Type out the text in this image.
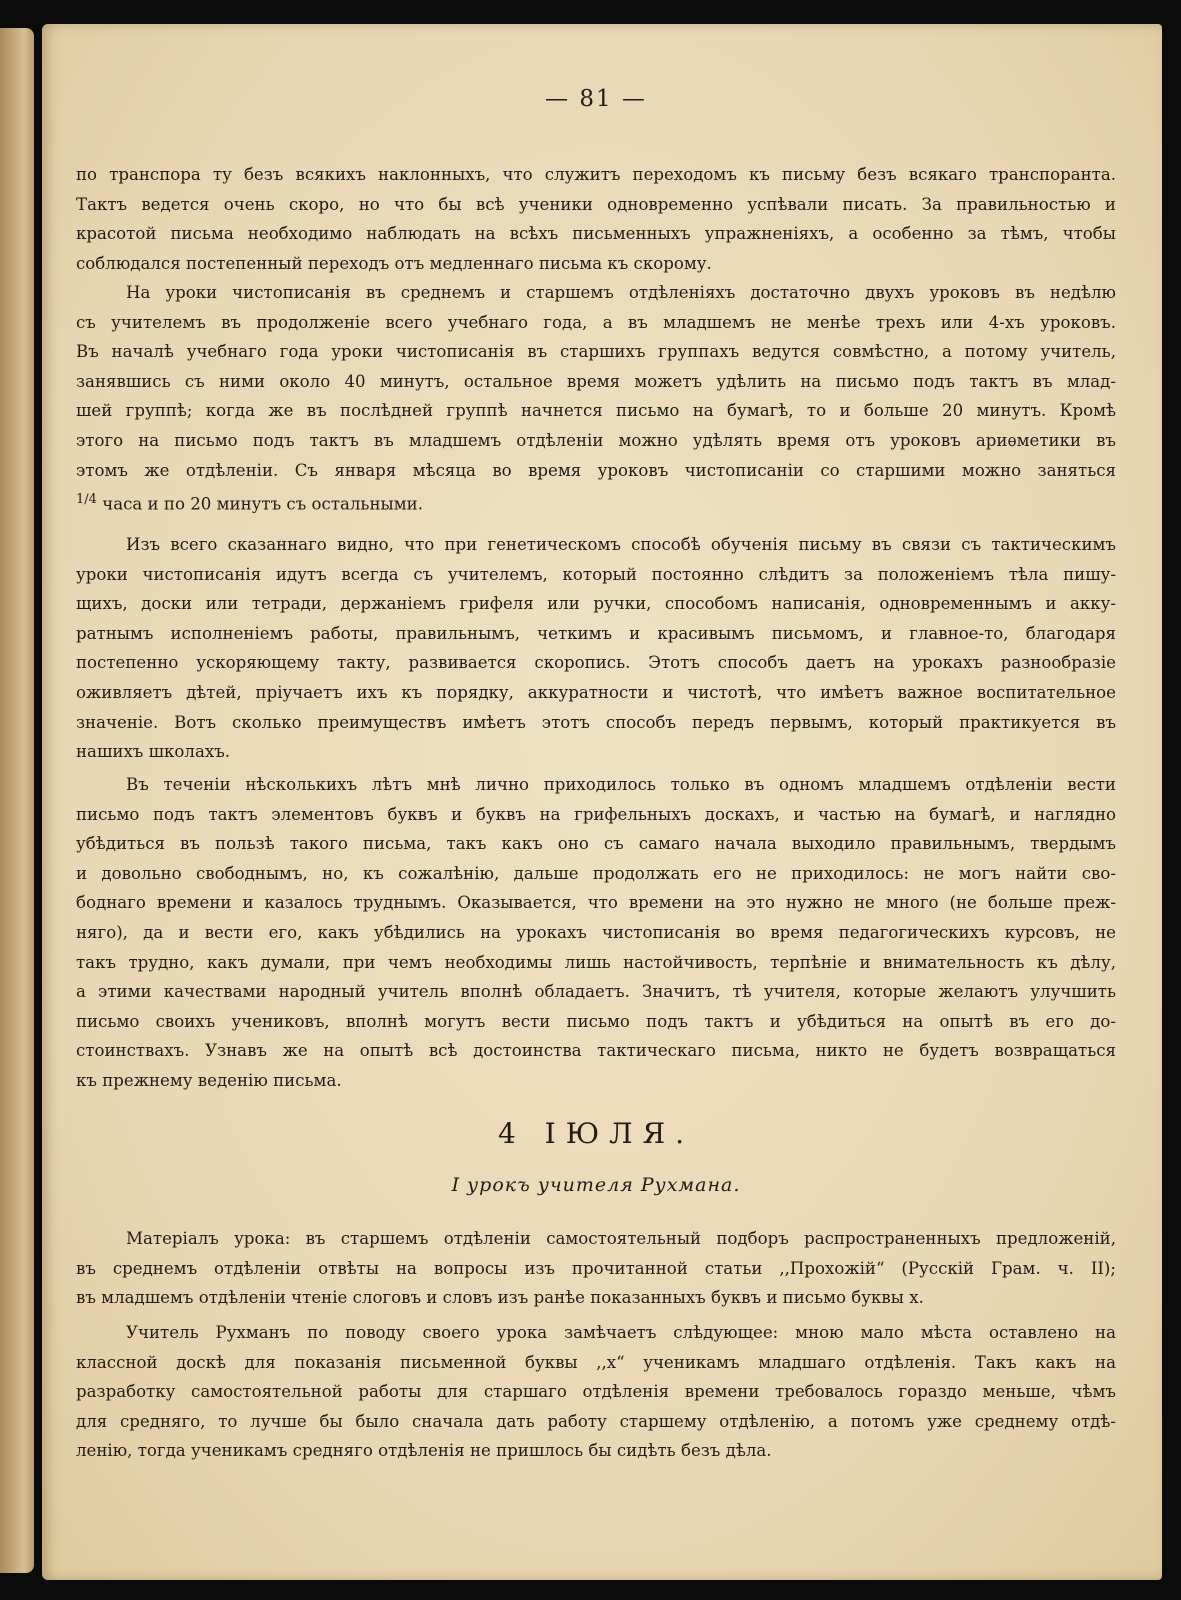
— 81 —
по транспора ту безъ всякихъ наклонныхъ, что служитъ переходомъ къ письму безъ всякаго транспоранта.
Тактъ ведется очень скоро, но что бы всѣ ученики одновременно успѣвали писать. За правильностью и
красотой письма необходимо наблюдать на всѣхъ письменныхъ упражненіяхъ, а особенно за тѣмъ, чтобы
соблюдался постепенный переходъ отъ медленнаго письма къ скорому.
На уроки чистописанія въ среднемъ и старшемъ отдѣленіяхъ достаточно двухъ уроковъ въ недѣлю
съ учителемъ въ продолженіе всего учебнаго года, а въ младшемъ не менѣе трехъ или 4-хъ уроковъ.
Въ началѣ учебнаго года уроки чистописанія въ старшихъ группахъ ведутся совмѣстно, а потому учитель,
занявшись съ ними около 40 минутъ, остальное время можетъ удѣлить на письмо подъ тактъ въ млад-
шей группѣ; когда же въ послѣдней группѣ начнется письмо на бумагѣ, то и больше 20 минутъ. Кромѣ
этого на письмо подъ тактъ въ младшемъ отдѣленіи можно удѣлять время отъ уроковъ ариѳметики въ
этомъ же отдѣленіи. Съ января мѣсяца во время уроковъ чистописаніи со старшими можно заняться
$^{1/4}$ часа и по 20 минутъ съ остальными.
Изъ всего сказаннаго видно, что при генетическомъ способѣ обученія письму въ связи съ тактическимъ
уроки чистописанія идутъ всегда съ учителемъ, который постоянно слѣдитъ за положеніемъ тѣла пишу-
щихъ, доски или тетради, держаніемъ грифеля или ручки, способомъ написанія, одновременнымъ и акку-
ратнымъ исполненіемъ работы, правильнымъ, четкимъ и красивымъ письмомъ, и главное-то, благодаря
постепенно ускоряющему такту, развивается скоропись. Этотъ способъ даетъ на урокахъ разнообразіе
оживляетъ дѣтей, пріучаетъ ихъ къ порядку, аккуратности и чистотѣ, что имѣетъ важное воспитательное
значеніе. Вотъ сколько преимуществъ имѣетъ этотъ способъ передъ первымъ, который практикуется въ
нашихъ школахъ.
Въ теченіи нѣсколькихъ лѣтъ мнѣ лично приходилось только въ одномъ младшемъ отдѣленіи вести
письмо подъ тактъ элементовъ буквъ и буквъ на грифельныхъ доскахъ, и частью на бумагѣ, и наглядно
убѣдиться въ пользѣ такого письма, такъ какъ оно съ самаго начала выходило правильнымъ, твердымъ
и довольно свободнымъ, но, къ сожалѣнію, дальше продолжать его не приходилось: не могъ найти сво-
боднаго времени и казалось труднымъ. Оказывается, что времени на это нужно не много (не больше преж-
няго), да и вести его, какъ убѣдились на урокахъ чистописанія во время педагогическихъ курсовъ, не
такъ трудно, какъ думали, при чемъ необходимы лишь настойчивость, терпѣніе и внимательность къ дѣлу,
а этими качествами народный учитель вполнѣ обладаетъ. Значитъ, тѣ учителя, которые желаютъ улучшить
письмо своихъ учениковъ, вполнѣ могутъ вести письмо подъ тактъ и убѣдиться на опытѣ въ его до-
стоинствахъ. Узнавъ же на опытѣ всѣ достоинства тактическаго письма, никто не будетъ возвращаться
къ прежнему веденію письма.
4 ІЮЛЯ.
I урокъ учителя Рухмана.
Матеріалъ урока: въ старшемъ отдѣленіи самостоятельный подборъ распространенныхъ предложеній,
въ среднемъ отдѣленіи отвѣты на вопросы изъ прочитанной статьи ,,Прохожій“ (Русскій Грам. ч. II);
въ младшемъ отдѣленіи чтеніе слоговъ и словъ изъ ранѣе показанныхъ буквъ и письмо буквы x.
Учитель Рухманъ по поводу своего урока замѣчаетъ слѣдующее: мною мало мѣста оставлено на
классной доскѣ для показанія письменной буквы ,,x“ ученикамъ младшаго отдѣленія. Такъ какъ на
разработку самостоятельной работы для старшаго отдѣленія времени требовалось гораздо меньше, чѣмъ
для средняго, то лучше бы было сначала дать работу старшему отдѣленію, а потомъ уже среднему отдѣ-
ленію, тогда ученикамъ средняго отдѣленія не пришлось бы сидѣть безъ дѣла.
